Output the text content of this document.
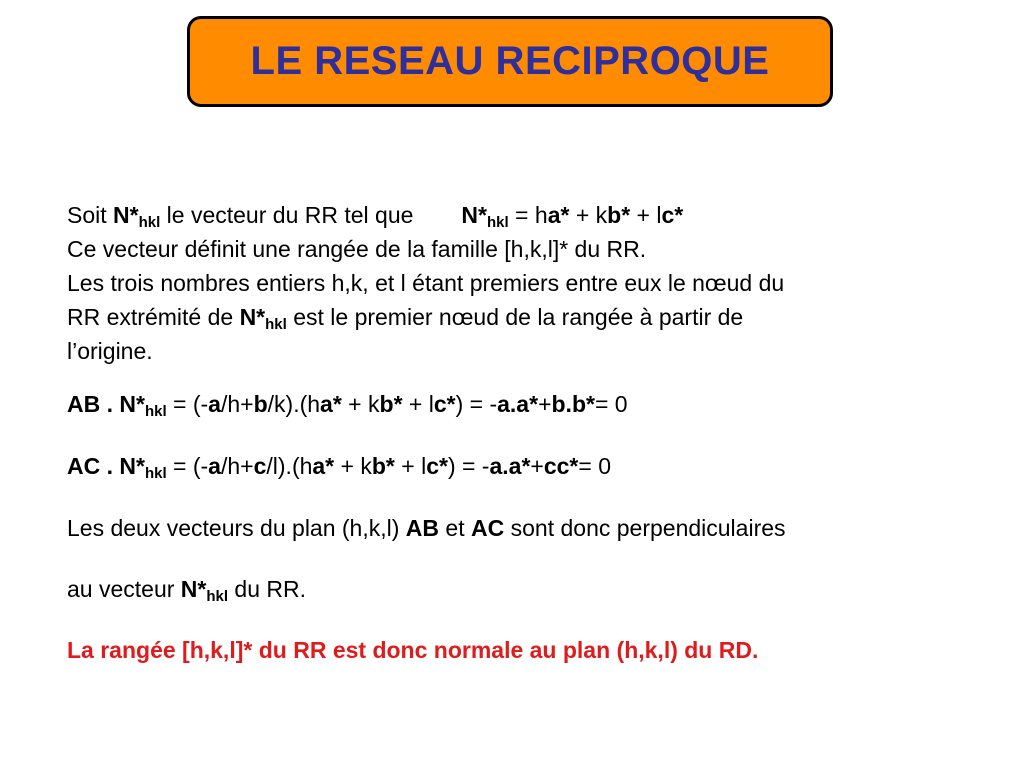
LE RESEAU RECIPROQUE
Soit $N*_{hkl}$ le vecteur du RR tel que $N*_{hkl} = ha* + kb* + lc*$
Ce vecteur définit une rangée de la famille [h,k,l]* du RR.
Les trois nombres entiers h,k, et l étant premiers entre eux le nœud du
RR extrémité de $N*_{hkl}$ est le premier nœud de la rangée à partir de
l’origine.
AB . $N*_{hkl} = (-a/h+b/k).(ha* + kb* + lc*) = -a.a*+b.b*= 0$
AC . $N*_{hkl} = (-a/h+c/l).(ha* + kb* + lc*) = -a.a*+cc*= 0$
Les deux vecteurs du plan (h,k,l) AB et AC sont donc perpendiculaires
au vecteur $N*_{hkl}$ du RR.
La rangée [h,k,l]* du RR est donc normale au plan (h,k,l) du RD.
